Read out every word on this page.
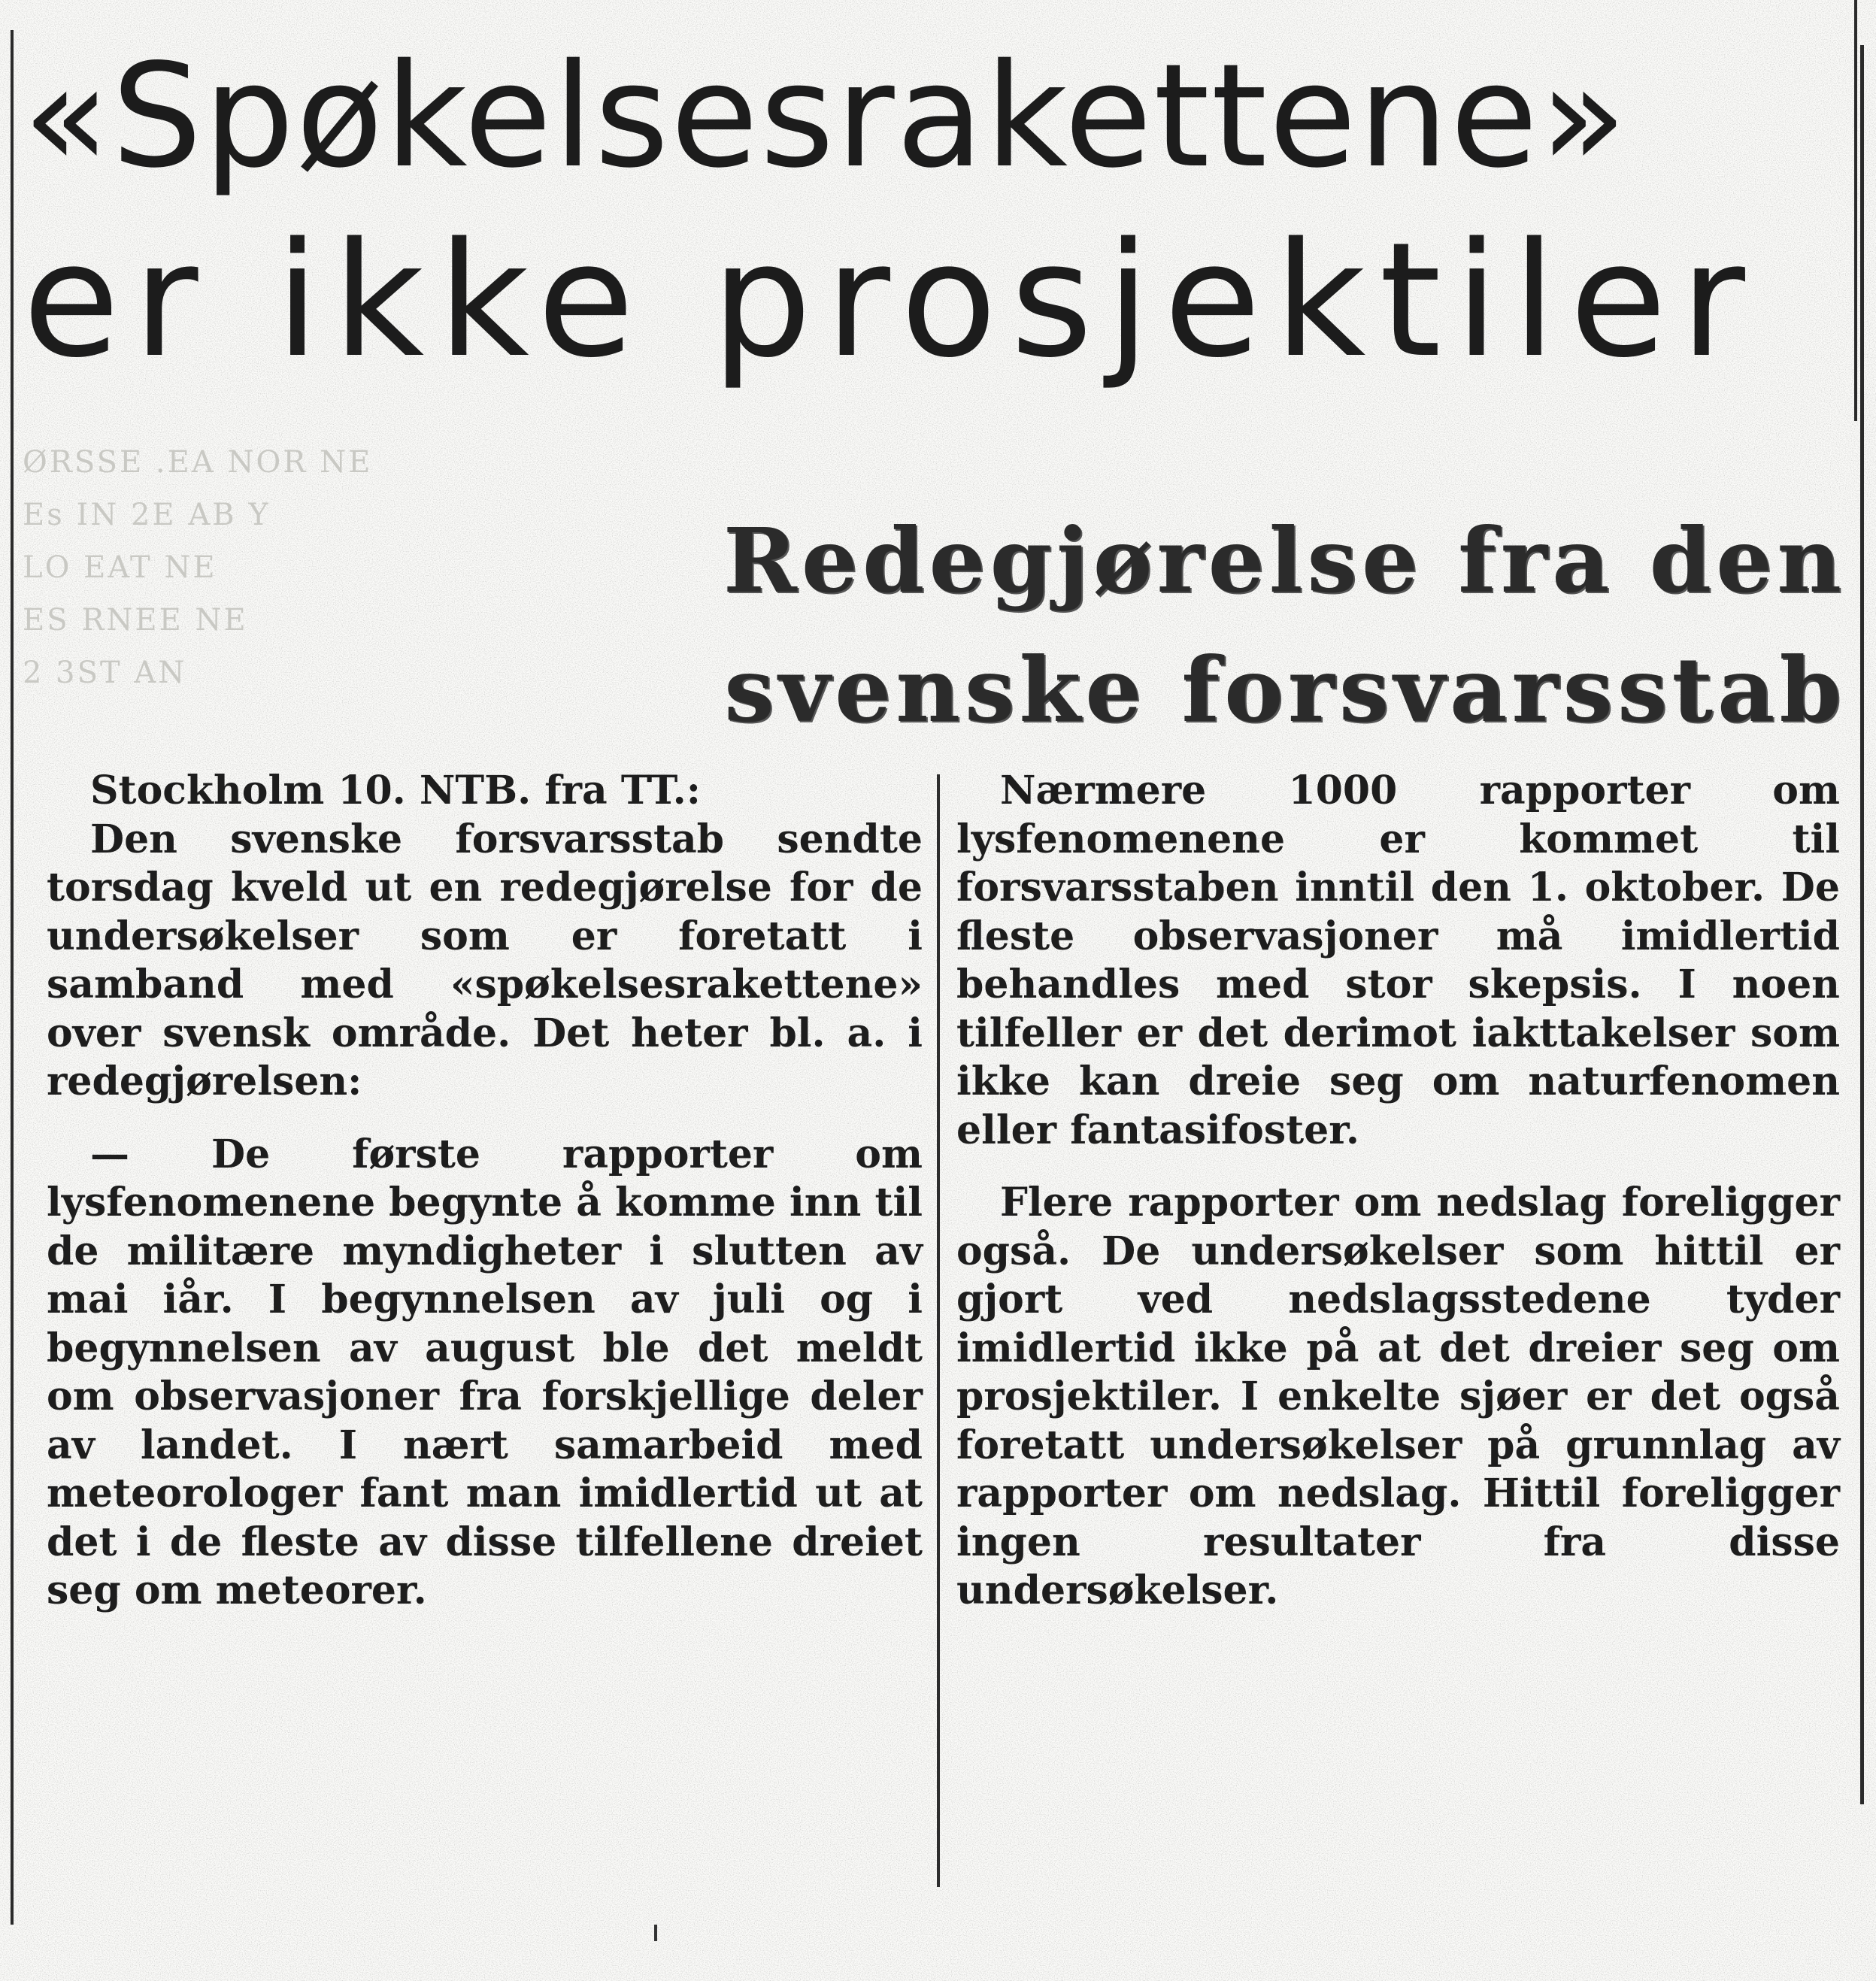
«Spøkelsesrakettene»
er ikke prosjektiler
ØRSSE .EA NOR NE
Es IN 2E AB Y
LO EAT NE
ES RNEE NE
2 3ST AN
Redegjørelse fra den
svenske forsvarsstab

Stockholm 10. NTB. fra TT.:

Den svenske forsvarsstab sendte torsdag kveld ut en redegjørelse for de undersøkelser som er foretatt i samband med «spøkelsesrakettene» over svensk område. Det heter bl. a. i redegjørelsen:

— De første rapporter om lysfenomenene begynte å komme inn til de militære myndigheter i slutten av mai iår. I begynnelsen av juli og i begynnelsen av august ble det meldt om observasjoner fra forskjellige deler av landet. I nært samarbeid med meteorologer fant man imidlertid ut at det i de fleste av disse tilfellene dreiet seg om meteorer.

Nærmere 1000 rapporter om lysfenomenene er kommet til forsvarsstaben inntil den 1. oktober. De fleste observasjoner må imidlertid behandles med stor skepsis. I noen tilfeller er det derimot iakttakelser som ikke kan dreie seg om naturfenomen eller fantasifoster.

Flere rapporter om nedslag foreligger også. De undersøkelser som hittil er gjort ved nedslagsstedene tyder imidlertid ikke på at det dreier seg om prosjektiler. I enkelte sjøer er det også foretatt undersøkelser på grunnlag av rapporter om nedslag. Hittil foreligger ingen resultater fra disse undersøkelser.
